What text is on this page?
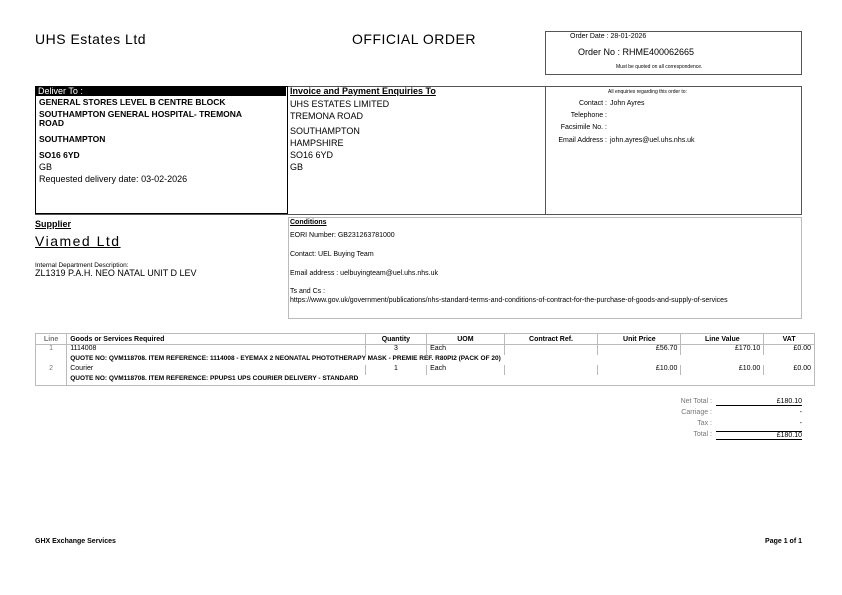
UHS Estates Ltd	OFFICIAL ORDER	Order Date : 28-01-2026
Order No : RHME400062665
Must be quoted on all correspondence.
Deliver To :
GENERAL STORES LEVEL B CENTRE BLOCK
SOUTHAMPTON GENERAL HOSPITAL- TREMONA
ROAD
SOUTHAMPTON
SO16 6YD
GB
Requested delivery date: 03-02-2026
Invoice and Payment Enquiries To
UHS ESTATES LIMITED
TREMONA ROAD
SOUTHAMPTON
HAMPSHIRE
SO16 6YD
GB
All enquiries regarding this order to:
Contact : John Ayres
Telephone :
Facsimile No. :
Email Address : john.ayres@uel.uhs.nhs.uk
Supplier
Viamed Ltd
Internal Department Description:
ZL1319 P.A.H. NEO NATAL UNIT D LEV
Conditions
EORI Number: GB231263781000
Contact: UEL Buying Team
Email address : uelbuyingteam@uel.uhs.nhs.uk
Ts and Cs :
https://www.gov.uk/government/publications/nhs-standard-terms-and-conditions-of-contract-for-the-purchase-of-goods-and-supply-of-services
Line	Goods or Services Required	Quantity	UOM	Contract Ref.	Unit Price	Line Value	VAT
1	1114008	3	Each		£56.70	£170.10	£0.00
	QUOTE NO: QVM118708. ITEM REFERENCE: 1114008 - EYEMAX 2 NEONATAL PHOTOTHERAPY MASK - PREMIE REF. R80PI2 (PACK OF 20)						
2	Courier	1	Each		£10.00	£10.00	£0.00
	QUOTE NO: QVM118708. ITEM REFERENCE: PPUPS1 UPS COURIER DELIVERY - STANDARD						
Net Total :	£180.10
Carriage :	-
Tax :	-
Total :	£180.10
GHX Exchange Services	Page 1 of 1
